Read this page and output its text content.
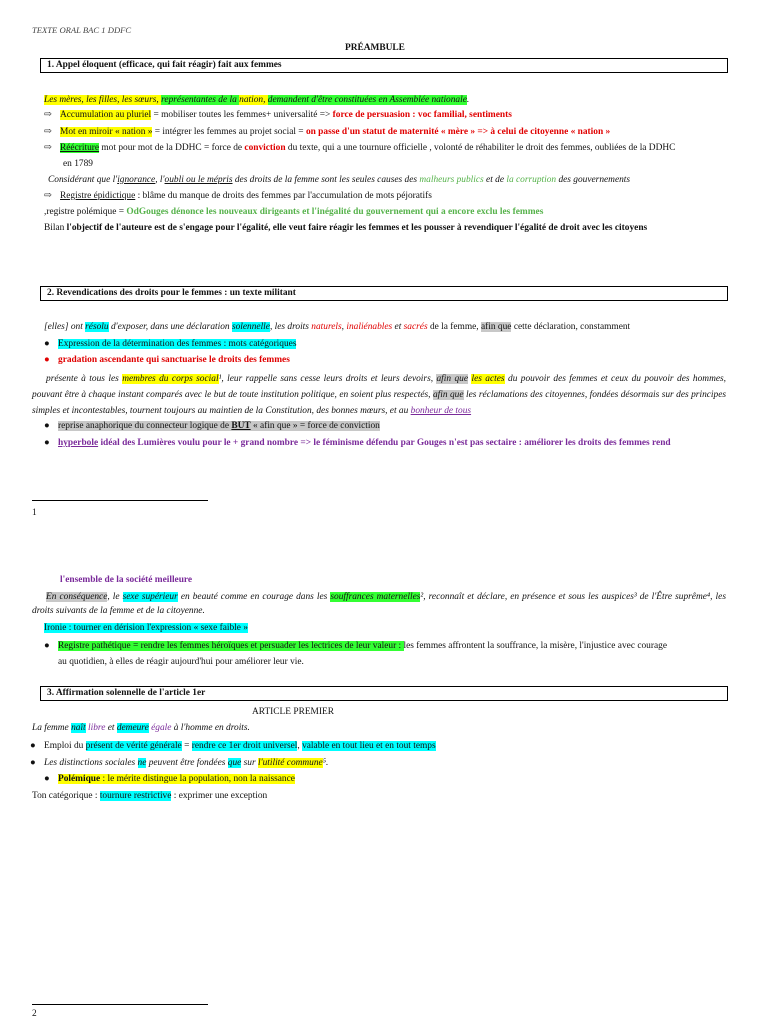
TEXTE ORAL BAC 1 DDFC
PRÉAMBULE
1. Appel éloquent (efficace, qui fait réagir) fait aux femmes
Les mères, les filles, les sœurs, représentantes de la nation, demandent d'être constituées en Assemblée nationale.
⇨ Accumulation au pluriel = mobiliser toutes les femmes+ universalité => force de persuasion : voc familial, sentiments
⇨ Mot en miroir « nation » = intégrer les femmes au projet social = on passe d'un statut de maternité « mère » => à celui de citoyenne « nation »
⇨ Réécriture mot pour mot de la DDHC = force de conviction du texte, qui a une tournure officielle , volonté de réhabiliter le droit des femmes, oubliées de la DDHC
en 1789
Considérant que l'ignorance, l'oubli ou le mépris des droits de la femme sont les seules causes des malheurs publics et de la corruption des gouvernements
⇨ Registre épidictique : blâme du manque de droits des femmes par l'accumulation de mots péjoratifs
,registre polémique = OdGouges dénonce les nouveaux dirigeants et l'inégalité du gouvernement qui a encore exclu les femmes
Bilan l'objectif de l'auteure est de s'engage pour l'égalité, elle veut faire réagir les femmes et les pousser à revendiquer l'égalité de droit avec les citoyens
2. Revendications des droits pour le femmes : un texte militant
[elles] ont résolu d'exposer, dans une déclaration solennelle, les droits naturels, inaliénables et sacrés de la femme, afin que cette déclaration, constamment
● Expression de la détermination des femmes : mots catégoriques
● gradation ascendante qui sanctuarise le droits des femmes
présente à tous les membres du corps social¹, leur rappelle sans cesse leurs droits et leurs devoirs, afin que les actes du pouvoir des femmes et ceux du pouvoir des hommes, pouvant être à chaque instant comparés avec le but de toute institution politique, en soient plus respectés, afin que les réclamations des citoyennes, fondées désormais sur des principes simples et incontestables, tournent toujours au maintien de la Constitution, des bonnes mœurs, et au bonheur de tous
● reprise anaphorique du connecteur logique de BUT « afin que » = force de conviction
● hyperbole idéal des Lumières voulu pour le + grand nombre => le féminisme défendu par Gouges n'est pas sectaire : améliorer les droits des femmes rend
1
l'ensemble de la société meilleure
En conséquence, le sexe supérieur en beauté comme en courage dans les souffrances maternelles², reconnaît et déclare, en présence et sous les auspices³ de l'Être suprême⁴, les droits suivants de la femme et de la citoyenne.
Ironie : tourner en dérision l'expression « sexe faible »
● Registre pathétique = rendre les femmes héroïques et persuader les lectrices de leur valeur : les femmes affrontent la souffrance, la misère, l'injustice avec courage
au quotidien, à elles de réagir aujourd'hui pour améliorer leur vie.
3. Affirmation solennelle de l'article 1er
ARTICLE PREMIER
La femme naît libre et demeure égale à l'homme en droits.
● Emploi du présent de vérité générale = rendre ce 1er droit universel, valable en tout lieu et en tout temps
● Les distinctions sociales ne peuvent être fondées que sur l'utilité commune⁵.
● Polémique : le mérite distingue la population, non la naissance
Ton catégorique : tournure restrictive : exprimer une exception
2
